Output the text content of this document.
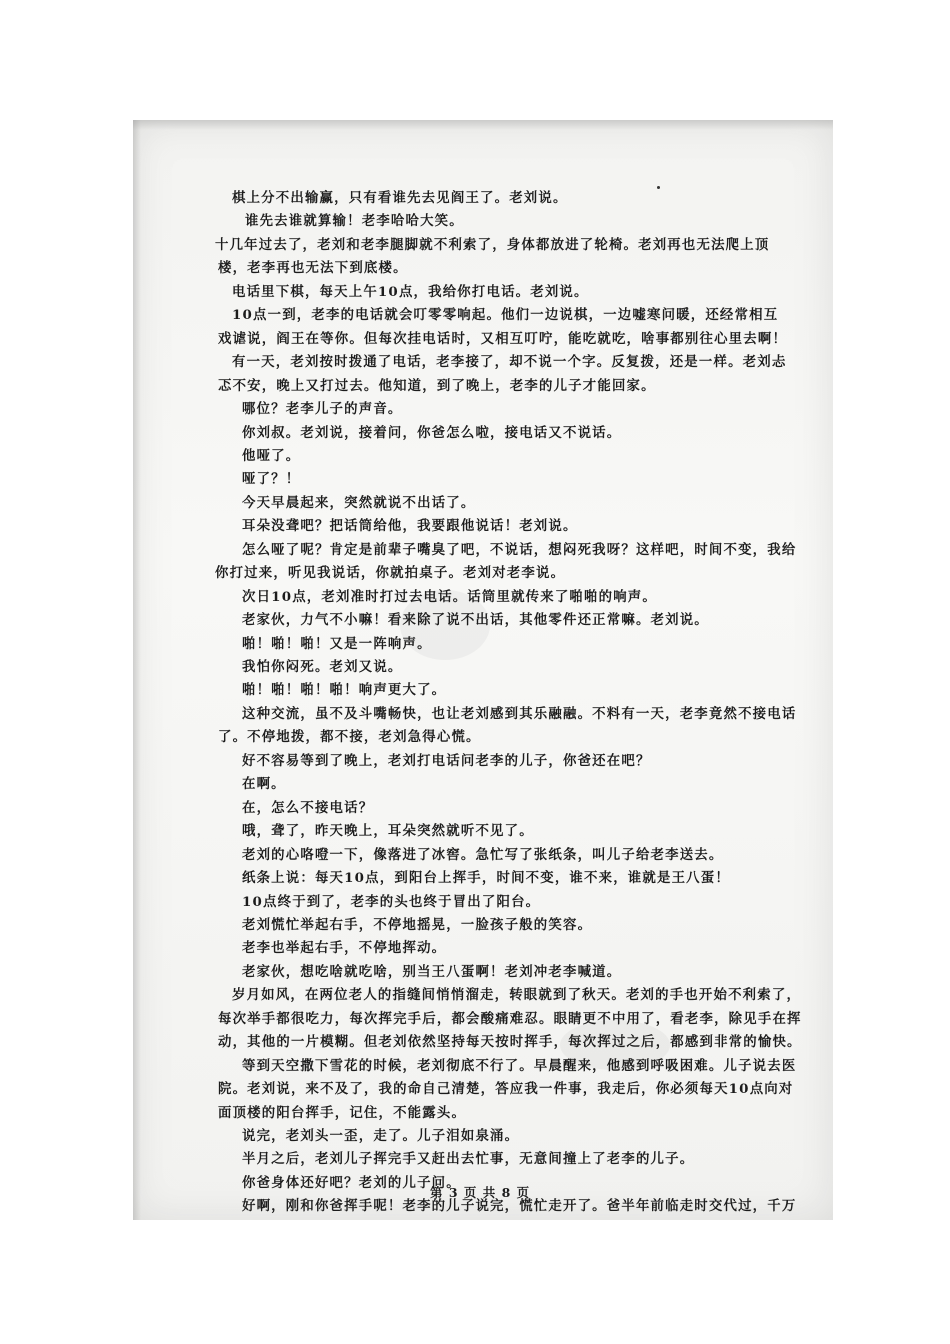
棋上分不出输赢，只有看谁先去见阎王了。老刘说。
谁先去谁就算输！老李哈哈大笑。
十几年过去了，老刘和老李腿脚就不利索了，身体都放进了轮椅。老刘再也无法爬上顶
楼，老李再也无法下到底楼。
电话里下棋，每天上午10点，我给你打电话。老刘说。
10点一到，老李的电话就会叮零零响起。他们一边说棋，一边嘘寒问暖，还经常相互
戏谑说，阎王在等你。但每次挂电话时，又相互叮咛，能吃就吃，啥事都别往心里去啊！
有一天，老刘按时拨通了电话，老李接了，却不说一个字。反复拨，还是一样。老刘忐
忑不安，晚上又打过去。他知道，到了晚上，老李的儿子才能回家。
哪位？老李儿子的声音。
你刘叔。老刘说，接着问，你爸怎么啦，接电话又不说话。
他哑了。
哑了？！
今天早晨起来，突然就说不出话了。
耳朵没聋吧？把话筒给他，我要跟他说话！老刘说。
怎么哑了呢？肯定是前辈子嘴臭了吧，不说话，想闷死我呀？这样吧，时间不变，我给
你打过来，听见我说话，你就拍桌子。老刘对老李说。
次日10点，老刘准时打过去电话。话筒里就传来了啪啪的响声。
老家伙，力气不小嘛！看来除了说不出话，其他零件还正常嘛。老刘说。
啪！啪！啪！又是一阵响声。
我怕你闷死。老刘又说。
啪！啪！啪！啪！响声更大了。
这种交流，虽不及斗嘴畅快，也让老刘感到其乐融融。不料有一天，老李竟然不接电话
了。不停地拨，都不接，老刘急得心慌。
好不容易等到了晚上，老刘打电话问老李的儿子，你爸还在吧？
在啊。
在，怎么不接电话？
哦，聋了，昨天晚上，耳朵突然就听不见了。
老刘的心咯噔一下，像落进了冰窖。急忙写了张纸条，叫儿子给老李送去。
纸条上说：每天10点，到阳台上挥手，时间不变，谁不来，谁就是王八蛋！
10点终于到了，老李的头也终于冒出了阳台。
老刘慌忙举起右手，不停地摇晃，一脸孩子般的笑容。
老李也举起右手，不停地挥动。
老家伙，想吃啥就吃啥，别当王八蛋啊！老刘冲老李喊道。
岁月如风，在两位老人的指缝间悄悄溜走，转眼就到了秋天。老刘的手也开始不利索了，
每次举手都很吃力，每次挥完手后，都会酸痛难忍。眼睛更不中用了，看老李，除见手在挥
动，其他的一片模糊。但老刘依然坚持每天按时挥手，每次挥过之后，都感到非常的愉快。
等到天空撒下雪花的时候，老刘彻底不行了。早晨醒来，他感到呼吸困难。儿子说去医
院。老刘说，来不及了，我的命自己清楚，答应我一件事，我走后，你必须每天10点向对
面顶楼的阳台挥手，记住，不能露头。
说完，老刘头一歪，走了。儿子泪如泉涌。
半月之后，老刘儿子挥完手又赶出去忙事，无意间撞上了老李的儿子。
你爸身体还好吧？老刘的儿子问。
好啊，刚和你爸挥手呢！老李的儿子说完，慌忙走开了。爸半年前临走时交代过，千万
第 3 页 共 8 页
